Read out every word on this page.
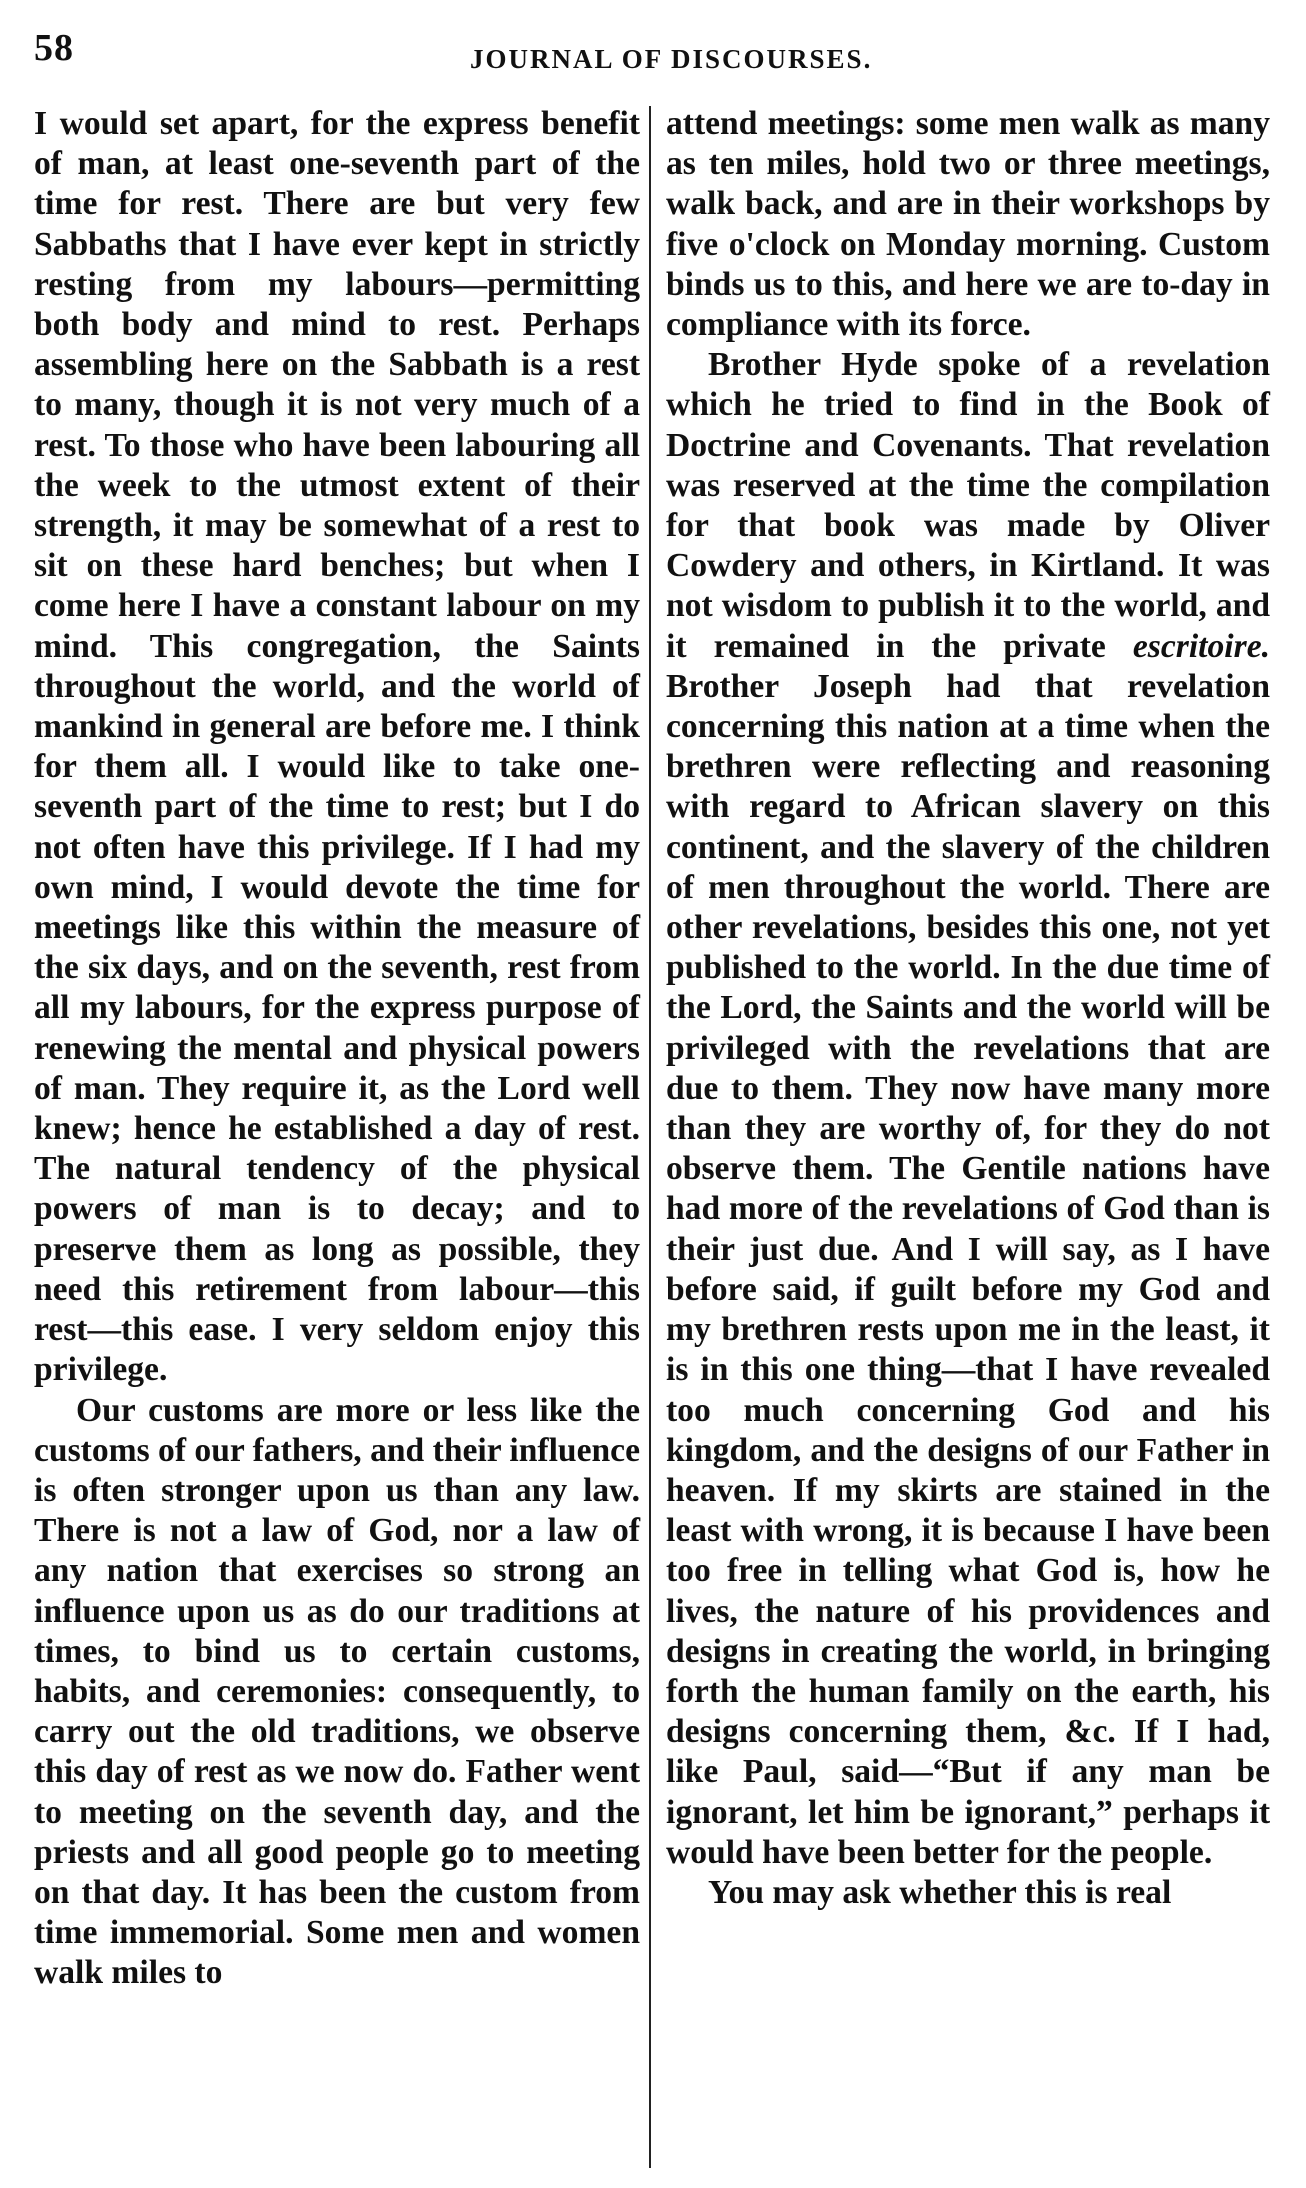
58	JOURNAL OF DISCOURSES.

I would set apart, for the express benefit of man, at least one-seventh part of the time for rest. There are but very few Sabbaths that I have ever kept in strictly resting from my labours—permitting both body and mind to rest. Perhaps assembling here on the Sabbath is a rest to many, though it is not very much of a rest. To those who have been labouring all the week to the utmost extent of their strength, it may be somewhat of a rest to sit on these hard benches; but when I come here I have a constant labour on my mind. This congregation, the Saints throughout the world, and the world of mankind in general are before me. I think for them all. I would like to take one-seventh part of the time to rest; but I do not often have this privilege. If I had my own mind, I would devote the time for meetings like this within the measure of the six days, and on the seventh, rest from all my labours, for the express purpose of renewing the mental and physical powers of man. They require it, as the Lord well knew; hence he established a day of rest. The natural tendency of the physical powers of man is to decay; and to preserve them as long as possible, they need this retirement from labour—this rest—this ease. I very seldom enjoy this privilege.

Our customs are more or less like the customs of our fathers, and their influence is often stronger upon us than any law. There is not a law of God, nor a law of any nation that exercises so strong an influence upon us as do our traditions at times, to bind us to certain customs, habits, and ceremonies: consequently, to carry out the old traditions, we observe this day of rest as we now do. Father went to meeting on the seventh day, and the priests and all good people go to meeting on that day. It has been the custom from time immemorial. Some men and women walk miles to

attend meetings: some men walk as many as ten miles, hold two or three meetings, walk back, and are in their workshops by five o'clock on Monday morning. Custom binds us to this, and here we are to-day in compliance with its force.

Brother Hyde spoke of a revelation which he tried to find in the Book of Doctrine and Covenants. That revelation was reserved at the time the compilation for that book was made by Oliver Cowdery and others, in Kirtland. It was not wisdom to publish it to the world, and it remained in the private escritoire. Brother Joseph had that revelation concerning this nation at a time when the brethren were reflecting and reasoning with regard to African slavery on this continent, and the slavery of the children of men throughout the world. There are other revelations, besides this one, not yet published to the world. In the due time of the Lord, the Saints and the world will be privileged with the revelations that are due to them. They now have many more than they are worthy of, for they do not observe them. The Gentile nations have had more of the revelations of God than is their just due. And I will say, as I have before said, if guilt before my God and my brethren rests upon me in the least, it is in this one thing—that I have revealed too much concerning God and his kingdom, and the designs of our Father in heaven. If my skirts are stained in the least with wrong, it is because I have been too free in telling what God is, how he lives, the nature of his providences and designs in creating the world, in bringing forth the human family on the earth, his designs concerning them, &c. If I had, like Paul, said—“But if any man be ignorant, let him be ignorant,” perhaps it would have been better for the people.

You may ask whether this is real
